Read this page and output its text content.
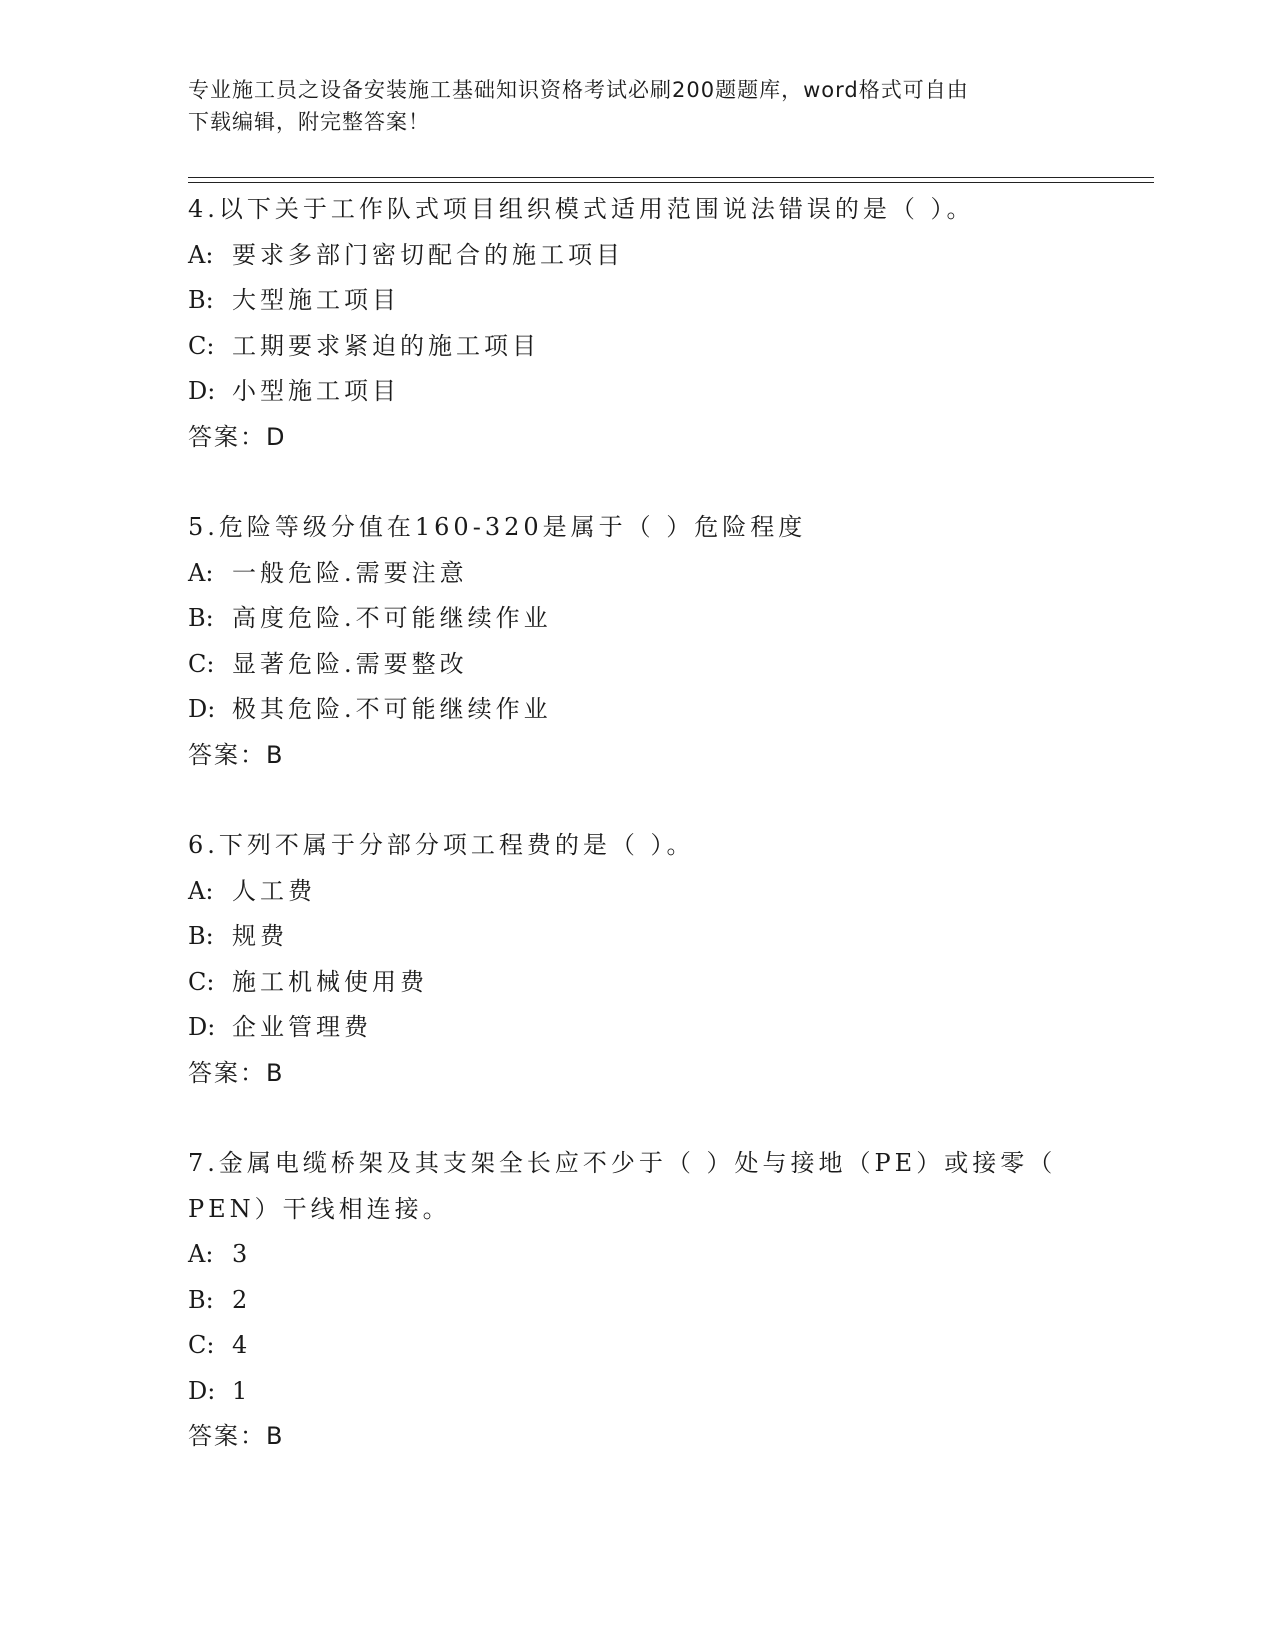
专业施工员之设备安装施工基础知识资格考试必刷200题题库，word格式可自由
下载编辑，附完整答案！
4.以下关于工作队式项目组织模式适用范围说法错误的是（ ）。
A: 要求多部门密切配合的施工项目
B: 大型施工项目
C: 工期要求紧迫的施工项目
D: 小型施工项目
答案：D
5.危险等级分值在160-320是属于（ ）危险程度
A: 一般危险.需要注意
B: 高度危险.不可能继续作业
C: 显著危险.需要整改
D: 极其危险.不可能继续作业
答案：B
6.下列不属于分部分项工程费的是（ ）。
A: 人工费
B: 规费
C: 施工机械使用费
D: 企业管理费
答案：B
7.金属电缆桥架及其支架全长应不少于（ ）处与接地（PE）或接零（
PEN）干线相连接。
A: 3
B: 2
C: 4
D: 1
答案：B
